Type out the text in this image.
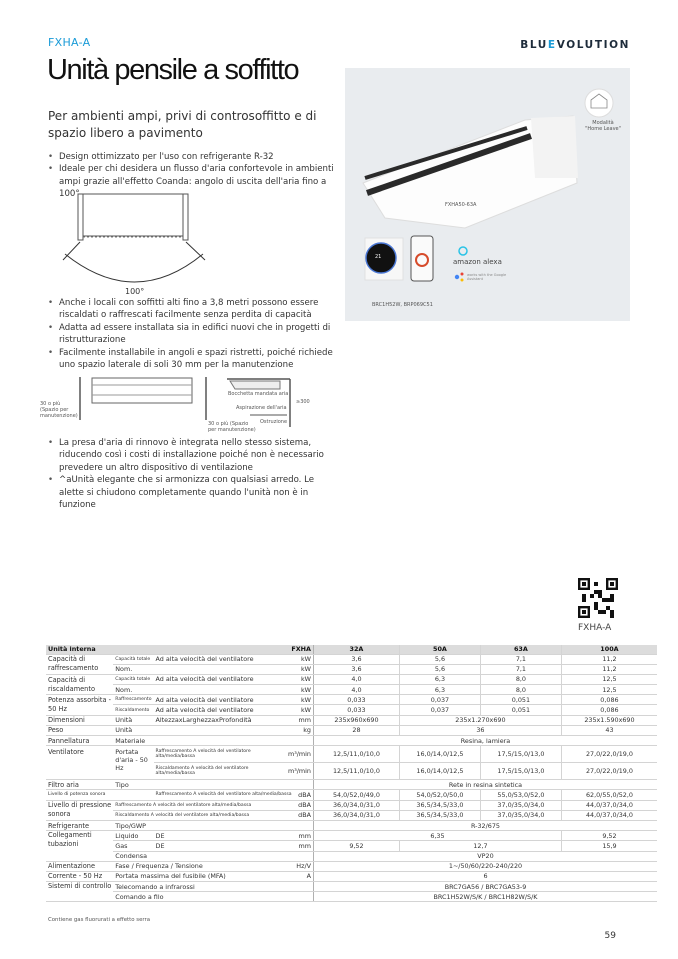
FXHA-A	BLUEVOLUTION
Unità pensile a soffitto
Per ambienti ampi, privi di controsoffitto e di spazio libero a pavimento
• Design ottimizzato per l'uso con refrigerante R-32
• Ideale per chi desidera un flusso d'aria confortevole in ambienti ampi grazie all'effetto Coanda: angolo di uscita dell'aria fino a 100°
100°
• Anche i locali con soffitti alti fino a 3,8 metri possono essere riscaldati o raffrescati facilmente senza perdita di capacità
• Adatta ad essere installata sia in edifici nuovi che in progetti di ristrutturazione
• Facilmente installabile in angoli e spazi ristretti, poiché richiede uno spazio laterale di soli 30 mm per la manutenzione
30 o più (Spazio per manutenzione)
30 o più (Spazio per manutenzione)
Bocchetta mandata aria
Aspirazione dell'aria
Ostruzione
≥300
• La presa d'aria di rinnovo è integrata nello stesso sistema, riducendo così i costi di installazione poiché non è necessario prevedere un altro dispositivo di ventilazione
• ^aUnità elegante che si armonizza con qualsiasi arredo. Le alette si chiudono completamente quando l'unità non è in funzione
Modalità "Home Leave"
FXHA50-63A
21
amazon alexa
works with the Google Assistant
BRC1H52W, BRP069C51
FXHA-A
Unità interna			FXHA		32A	50A	63A	100A
Capacità di raffrescamento	Capacità totale	Ad alta velocità del ventilatore		kW	3,6	5,6	7,1	11,2
	Nom.			kW	3,6	5,6	7,1	11,2
Capacità di riscaldamento	Capacità totale	Ad alta velocità del ventilatore		kW	4,0	6,3	8,0	12,5
	Nom.			kW	4,0	6,3	8,0	12,5
Potenza assorbita - 50 Hz	Raffrescamento	Ad alta velocità del ventilatore		kW	0,033	0,037	0,051	0,086
	Riscaldamento	Ad alta velocità del ventilatore		kW	0,033	0,037	0,051	0,086
Dimensioni	Unità	AltezzaxLarghezzaxProfondità		mm	235x960x690	235x1.270x690		235x1.590x690
Peso	Unità			kg	28	36		43
Pannellatura	Materiale				Resina, lamiera			
Ventilatore	Portata d'aria - 50 Hz	Raffrescamento A velocità del ventilatore alta/media/bassa	m³/min		12,5/11,0/10,0	16,0/14,0/12,5	17,5/15,0/13,0	27,0/22,0/19,0
		Riscaldamento A velocità del ventilatore alta/media/bassa	m³/min		12,5/11,0/10,0	16,0/14,0/12,5	17,5/15,0/13,0	27,0/22,0/19,0
Filtro aria	Tipo				Rete in resina sintetica			
Livello di potenza sonora		Raffrescamento A velocità del ventilatore alta/media/bassa		dBA	54,0/52,0/49,0	54,0/52,0/50,0	55,0/53,0/52,0	62,0/55,0/52,0
Livello di pressione sonora	Raffrescamento A velocità del ventilatore alta/media/bassa			dBA	36,0/34,0/31,0	36,5/34,5/33,0	37,0/35,0/34,0	44,0/37,0/34,0
	Riscaldamento A velocità del ventilatore alta/media/bassa			dBA	36,0/34,0/31,0	36,5/34,5/33,0	37,0/35,0/34,0	44,0/37,0/34,0
Refrigerante	Tipo/GWP				R-32/675			
Collegamenti tubazioni	Liquido	DE	mm		6,35			9,52
	Gas	DE	mm		9,52	12,7		15,9
	Condensa				VP20			
Alimentazione	Fase / Frequenza / Tensione			Hz/V	1~/50/60/220-240/220			
Corrente - 50 Hz	Portata massima del fusibile (MFA)			A	6			
Sistemi di controllo	Telecomando a infrarossi				BRC7GA56 / BRC7GA53-9			
	Comando a filo				BRC1H52W/S/K / BRC1H82W/S/K			
Contiene gas fluorurati a effetto serra
59
